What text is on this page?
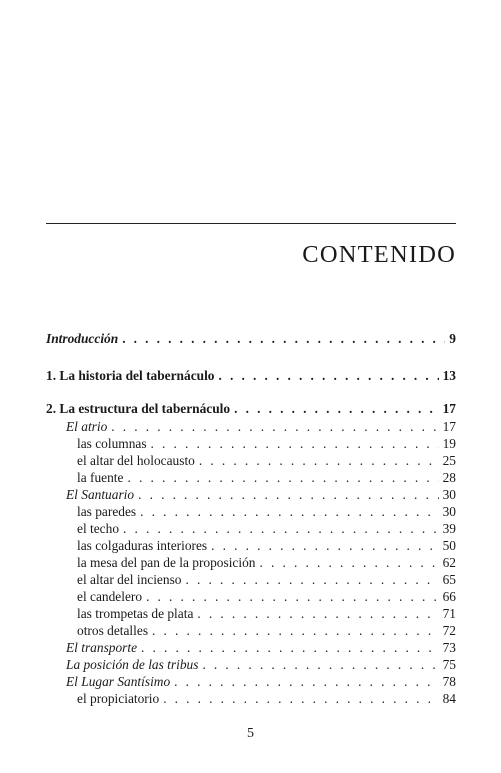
CONTENIDO
Introducción . . .	9
1. La historia del tabernáculo . . .	13
2. La estructura del tabernáculo . . .	17
El atrio . . .	17
las columnas . . .	19
el altar del holocausto . . .	25
la fuente . . .	28
El Santuario . . .	30
las paredes . . .	30
el techo . . .	39
las colgaduras interiores . . .	50
la mesa del pan de la proposición . . .	62
el altar del incienso . . .	65
el candelero . . .	66
las trompetas de plata . . .	71
otros detalles . . .	72
El transporte . . .	73
La posición de las tribus . . .	75
El Lugar Santísimo . . .	78
el propiciatorio . . .	84
5
